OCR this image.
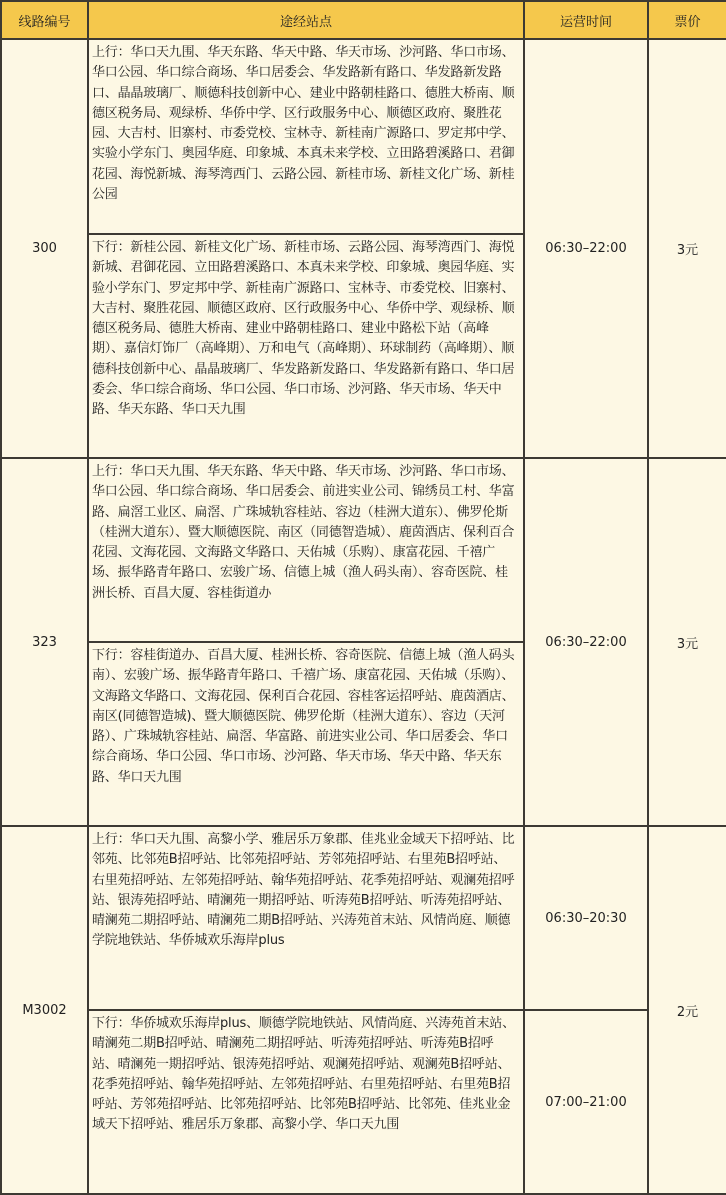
线路编号	途经站点	运营时间	票价
300	上行：华口天九围、华天东路、华天中路、华天市场、沙河路、华口市场、华口公园、华口综合商场、华口居委会、华发路新有路口、华发路新发路口、晶晶玻璃厂、顺德科技创新中心、建业中路朝桂路口、德胜大桥南、顺德区税务局、观绿桥、华侨中学、区行政服务中心、顺德区政府、聚胜花园、大吉村、旧寨村、市委党校、宝林寺、新桂南广源路口、罗定邦中学、实验小学东门、奥园华庭、印象城、本真未来学校、立田路碧溪路口、君御花园、海悦新城、海琴湾西门、云路公园、新桂市场、新桂文化广场、新桂公园	06:30–22:00	3元

	下行：新桂公园、新桂文化广场、新桂市场、云路公园、海琴湾西门、海悦新城、君御花园、立田路碧溪路口、本真未来学校、印象城、奥园华庭、实验小学东门、罗定邦中学、新桂南广源路口、宝林寺、市委党校、旧寨村、大吉村、聚胜花园、顺德区政府、区行政服务中心、华侨中学、观绿桥、顺德区税务局、德胜大桥南、建业中路朝桂路口、建业中路松下站（高峰期）、嘉信灯饰厂（高峰期）、万和电气（高峰期）、环球制药（高峰期）、顺德科技创新中心、晶晶玻璃厂、华发路新发路口、华发路新有路口、华口居委会、华口综合商场、华口公园、华口市场、沙河路、华天市场、华天中路、华天东路、华口天九围		

323	上行：华口天九围、华天东路、华天中路、华天市场、沙河路、华口市场、华口公园、华口综合商场、华口居委会、前进实业公司、锦绣员工村、华富路、扁滘工业区、扁滘、广珠城轨容桂站、容边（桂洲大道东）、佛罗伦斯（桂洲大道东）、暨大顺德医院、南区（同德智造城）、鹿茵酒店、保利百合花园、文海花园、文海路文华路口、天佑城（乐购）、康富花园、千禧广场、振华路青年路口、宏骏广场、信德上城（渔人码头南）、容奇医院、桂洲长桥、百昌大厦、容桂街道办	06:30–22:00	3元

	下行：容桂街道办、百昌大厦、桂洲长桥、容奇医院、信德上城（渔人码头南）、宏骏广场、振华路青年路口、千禧广场、康富花园、天佑城（乐购）、文海路文华路口、文海花园、保利百合花园、容桂客运招呼站、鹿茵酒店、南区(同德智造城)、暨大顺德医院、佛罗伦斯（桂洲大道东）、容边（天河路）、广珠城轨容桂站、扁滘、华富路、前进实业公司、华口居委会、华口综合商场、华口公园、华口市场、沙河路、华天市场、华天中路、华天东路、华口天九围		

M3002	上行：华口天九围、高黎小学、雅居乐万象郡、佳兆业金域天下招呼站、比邻苑、比邻苑B招呼站、比邻苑招呼站、芳邻苑招呼站、右里苑B招呼站、右里苑招呼站、左邻苑招呼站、翰华苑招呼站、花季苑招呼站、观澜苑招呼站、银涛苑招呼站、晴澜苑一期招呼站、听涛苑B招呼站、听涛苑招呼站、晴澜苑二期招呼站、晴澜苑二期B招呼站、兴涛苑首末站、风情尚庭、顺德学院地铁站、华侨城欢乐海岸plus	06:30–20:30	2元

	下行：华侨城欢乐海岸plus、顺德学院地铁站、风情尚庭、兴涛苑首末站、晴澜苑二期B招呼站、晴澜苑二期招呼站、听涛苑招呼站、听涛苑B招呼站、晴澜苑一期招呼站、银涛苑招呼站、观澜苑招呼站、观澜苑B招呼站、花季苑招呼站、翰华苑招呼站、左邻苑招呼站、右里苑招呼站、右里苑B招呼站、芳邻苑招呼站、比邻苑招呼站、比邻苑B招呼站、比邻苑、佳兆业金域天下招呼站、雅居乐万象郡、高黎小学、华口天九围	07:00–21:00	
